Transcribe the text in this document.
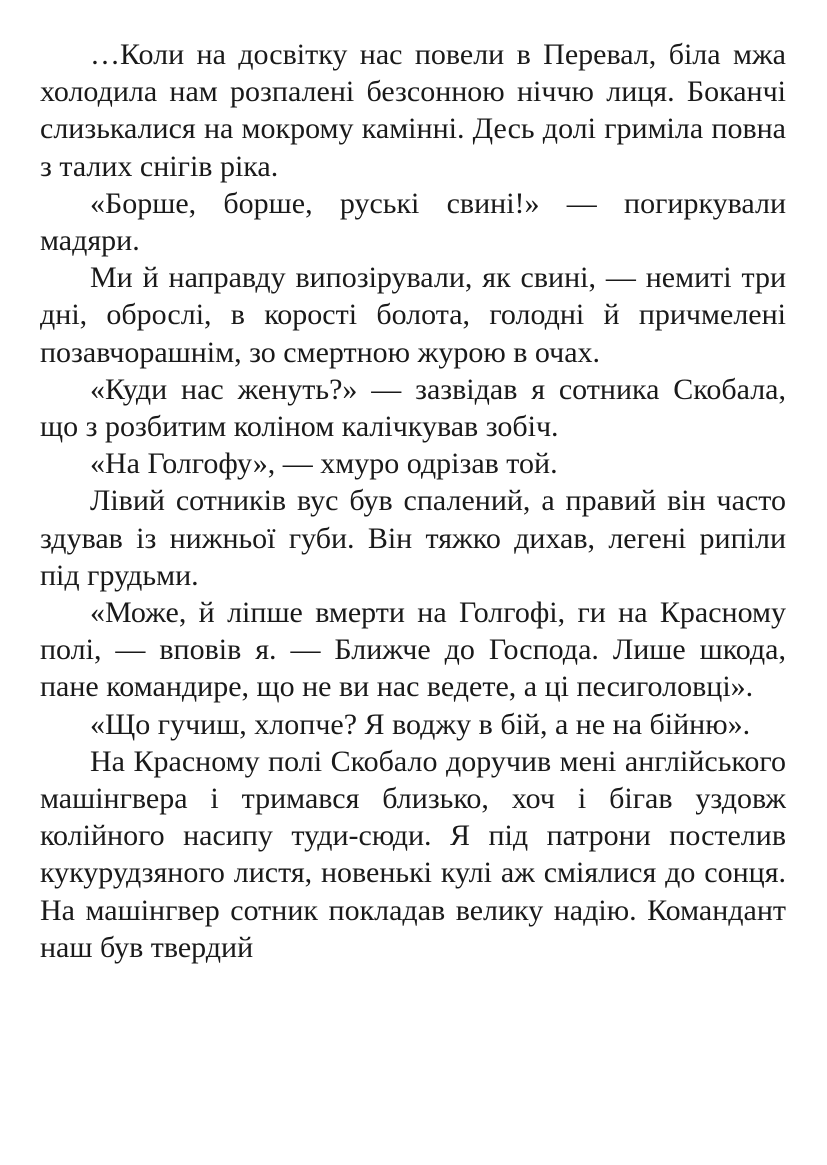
…Коли на досвітку нас повели в Перевал, біла мжа холодила нам розпалені безсонною ніччю лиця. Боканчі слизькалися на мокрому камінні. Десь долі гриміла повна з талих снігів ріка.

«Борше, борше, руські свині!» — погиркували мадяри.

Ми й направду випозірували, як свині, — немиті три дні, оброслі, в короcті болота, голодні й причмелені позавчорашнім, зо смертною журою в очах.

«Куди нас женуть?» — зазвідав я сотника Скобала, що з розбитим коліном калічкував зобіч.

«На Голгофу», — хмуро одрізав той.

Лівий сотників вус був спалений, а правий він часто здував із нижньої губи. Він тяжко дихав, легені рипіли під грудьми.

«Може, й ліпше вмерти на Голгофі, ги на Красному полі, — вповів я. — Ближче до Господа. Лише шкода, пане командире, що не ви нас ведете, а ці песиголовці».

«Що гучиш, хлопче? Я воджу в бій, а не на бійню».

На Красному полі Скобало доручив мені англійського машінгвера і тримався близько, хоч і бігав уздовж колійного насипу туди-сюди. Я під патрони постелив кукурудзяного листя, новенькі кулі аж сміялися до сонця. На машінгвер сотник покладав велику надію. Командант наш був твердий
